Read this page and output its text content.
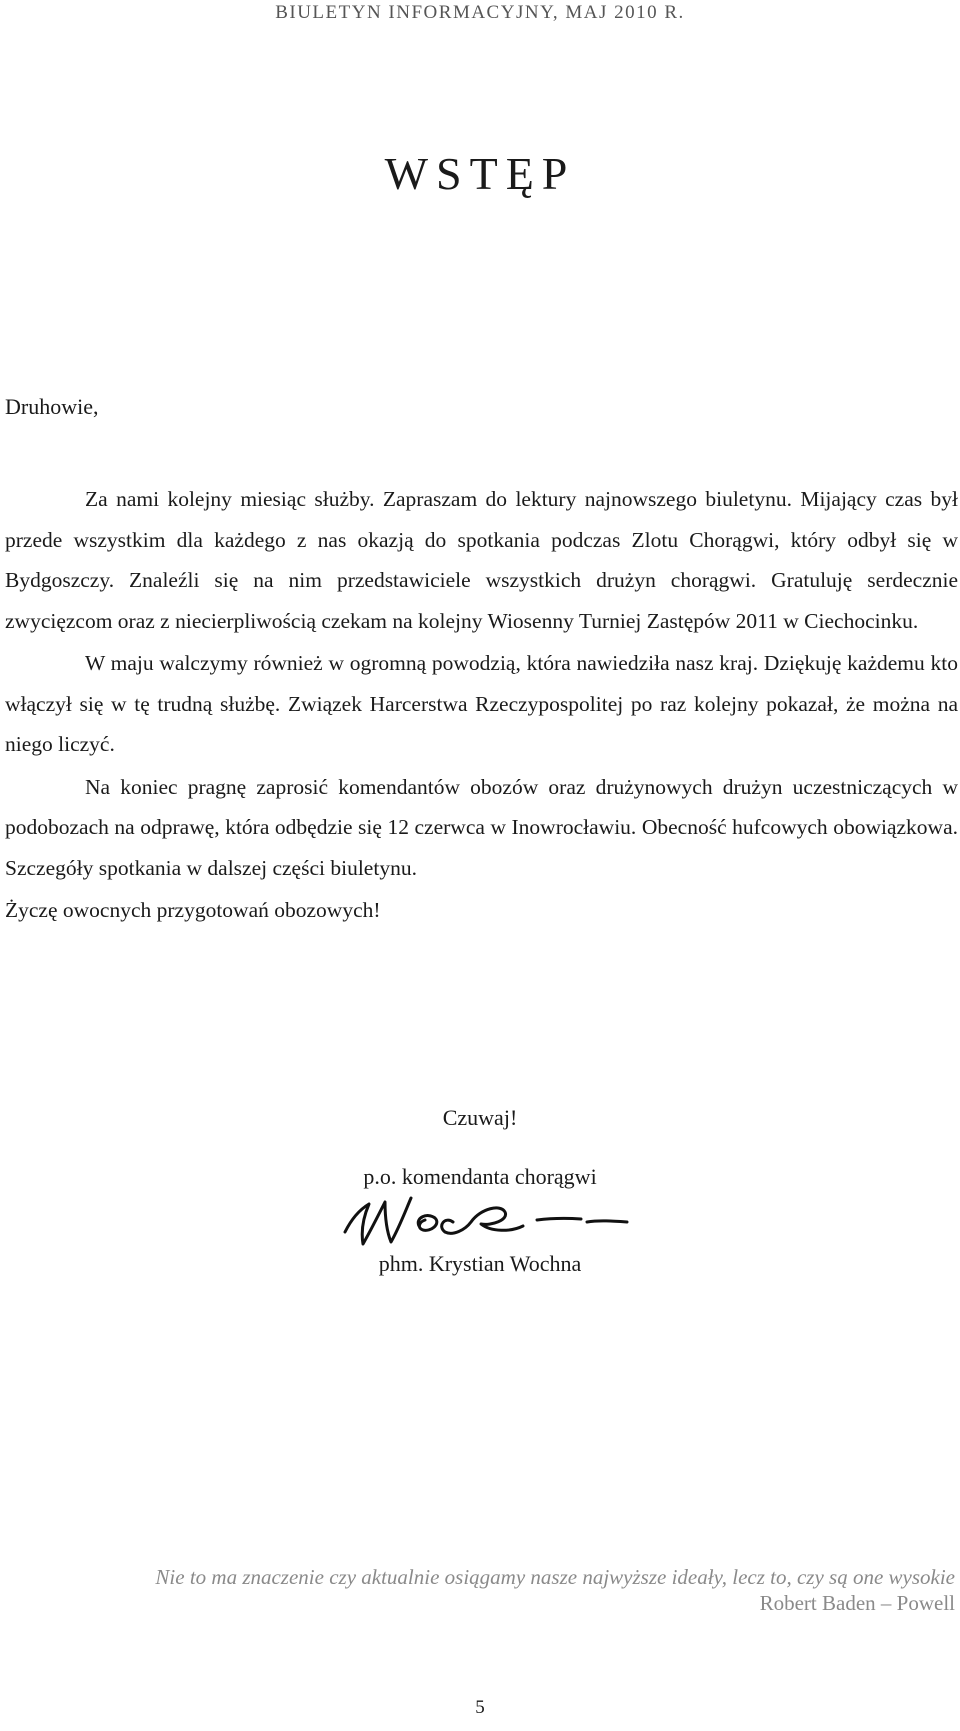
BIULETYN INFORMACYJNY, MAJ 2010 R.
WSTĘP
Druhowie,

Za nami kolejny miesiąc służby. Zapraszam do lektury najnowszego biuletynu. Mijający czas był przede wszystkim dla każdego z nas okazją do spotkania podczas Zlotu Chorągwi, który odbył się w Bydgoszczy. Znaleźli się na nim przedstawiciele wszystkich drużyn chorągwi. Gratuluję serdecznie zwycięzcom oraz z niecierpliwością czekam na kolejny Wiosenny Turniej Zastępów 2011 w Ciechocinku.

W maju walczymy również w ogromną powodzią, która nawiedziła nasz kraj. Dziękuję każdemu kto włączył się w tę trudną służbę. Związek Harcerstwa Rzeczypospolitej po raz kolejny pokazał, że można na niego liczyć.

Na koniec pragnę zaprosić komendantów obozów oraz drużynowych drużyn uczestniczących w podobozach na odprawę, która odbędzie się 12 czerwca w Inowrocławiu. Obecność hufcowych obowiązkowa. Szczegóły spotkania w dalszej części biuletynu.

Życzę owocnych przygotowań obozowych!

Czuwaj!
p.o. komendanta chorągwi
phm. Krystian Wochna
Nie to ma znaczenie czy aktualnie osiągamy nasze najwyższe ideały, lecz to, czy są one wysokie
Robert Baden – Powell
5
